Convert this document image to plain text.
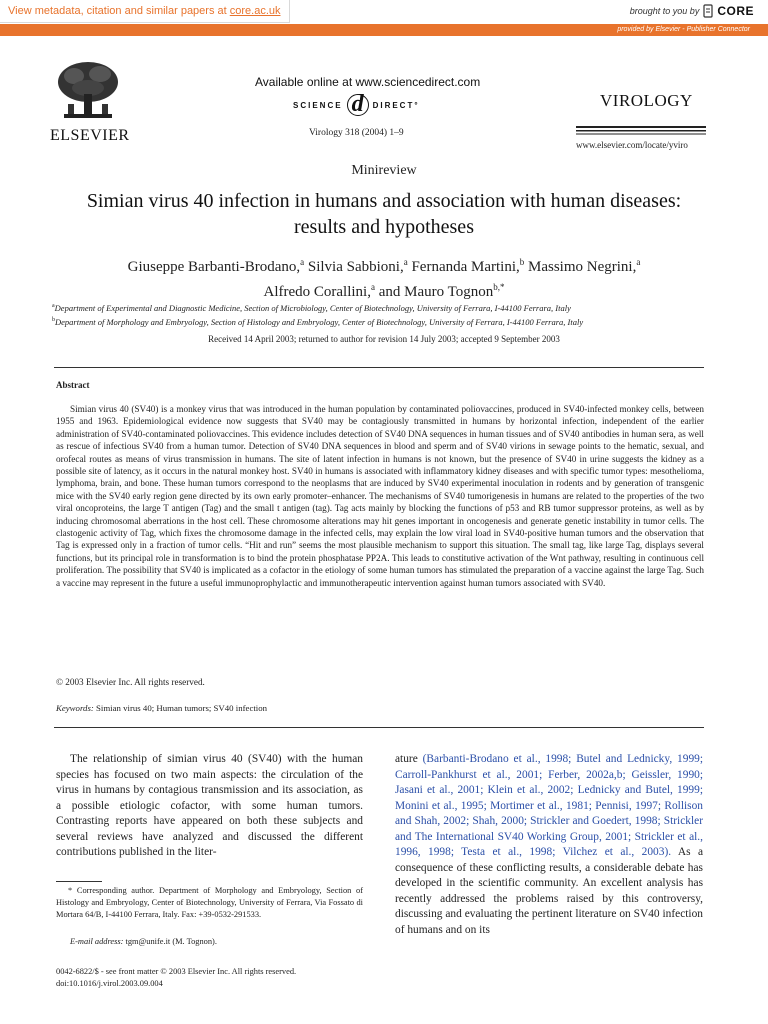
View metadata, citation and similar papers at core.ac.uk	brought to you by CORE
provided by Elsevier - Publisher Connector
ELSEVIER
Available online at www.sciencedirect.com
SCIENCE d	DIRECT°
Virology 318 (2004) 1–9
VIROLOGY
www.elsevier.com/locate/yviro
Minireview
Simian virus 40 infection in humans and association with human diseases:
results and hypotheses
Giuseppe Barbanti-Brodano,$^a$ Silvia Sabbioni,$^a$ Fernanda Martini,$^b$ Massimo Negrini,$^a$
Alfredo Corallini,$^a$ and Mauro Tognon$^{b,*}$
$^a$Department of Experimental and Diagnostic Medicine, Section of Microbiology, Center of Biotechnology, University of Ferrara, I-44100 Ferrara, Italy
$^b$Department of Morphology and Embryology, Section of Histology and Embryology, Center of Biotechnology, University of Ferrara, I-44100 Ferrara, Italy
Received 14 April 2003; returned to author for revision 14 July 2003; accepted 9 September 2003
Abstract

Simian virus 40 (SV40) is a monkey virus that was introduced in the human population by contaminated poliovaccines, produced in SV40-infected monkey cells, between 1955 and 1963. Epidemiological evidence now suggests that SV40 may be contagiously transmitted in humans by horizontal infection, independent of the earlier administration of SV40-contaminated poliovaccines. This evidence includes detection of SV40 DNA sequences in human tissues and of SV40 antibodies in human sera, as well as rescue of infectious SV40 from a human tumor. Detection of SV40 DNA sequences in blood and sperm and of SV40 virions in sewage points to the hematic, sexual, and orofecal routes as means of virus transmission in humans. The site of latent infection in humans is not known, but the presence of SV40 in urine suggests the kidney as a possible site of latency, as it occurs in the natural monkey host. SV40 in humans is associated with inflammatory kidney diseases and with specific tumor types: mesothelioma, lymphoma, brain, and bone. These human tumors correspond to the neoplasms that are induced by SV40 experimental inoculation in rodents and by generation of transgenic mice with the SV40 early region gene directed by its own early promoter–enhancer. The mechanisms of SV40 tumorigenesis in humans are related to the properties of the two viral oncoproteins, the large T antigen (Tag) and the small t antigen (tag). Tag acts mainly by blocking the functions of p53 and RB tumor suppressor proteins, as well as by inducing chromosomal aberrations in the host cell. These chromosome alterations may hit genes important in oncogenesis and generate genetic instability in tumor cells. The clastogenic activity of Tag, which fixes the chromosome damage in the infected cells, may explain the low viral load in SV40-positive human tumors and the observation that Tag is expressed only in a fraction of tumor cells. “Hit and run” seems the most plausible mechanism to support this situation. The small tag, like large Tag, displays several functions, but its principal role in transformation is to bind the protein phosphatase PP2A. This leads to constitutive activation of the Wnt pathway, resulting in continuous cell proliferation. The possibility that SV40 is implicated as a cofactor in the etiology of some human tumors has stimulated the preparation of a vaccine against the large Tag. Such a vaccine may represent in the future a useful immunoprophylactic and immunotherapeutic intervention against human tumors associated with SV40.

© 2003 Elsevier Inc. All rights reserved.
Keywords: Simian virus 40; Human tumors; SV40 infection

The relationship of simian virus 40 (SV40) with the human species has focused on two main aspects: the circulation of the virus in humans by contagious transmission and its association, as a possible etiologic cofactor, with some human tumors. Contrasting reports have appeared on both these subjects and several reviews have analyzed and discussed the different contributions published in the liter-

ature (Barbanti-Brodano et al., 1998; Butel and Lednicky, 1999; Carroll-Pankhurst et al., 2001; Ferber, 2002a,b; Geissler, 1990; Jasani et al., 2001; Klein et al., 2002; Lednicky and Butel, 1999; Monini et al., 1995; Mortimer et al., 1981; Pennisi, 1997; Rollison and Shah, 2002; Shah, 2000; Strickler and Goedert, 1998; Strickler and The International SV40 Working Group, 2001; Strickler et al., 1996, 1998; Testa et al., 1998; Vilchez et al., 2003). As a consequence of these conflicting results, a considerable debate has developed in the scientific community. An excellent analysis has recently addressed the problems raised by this controversy, discussing and evaluating the pertinent literature on SV40 infection of humans and on its

* Corresponding author. Department of Morphology and Embryology, Section of Histology and Embryology, Center of Biotechnology, University of Ferrara, Via Fossato di Mortara 64/B, I-44100 Ferrara, Italy. Fax: +39-0532-291533.

E-mail address: tgm@unife.it (M. Tognon).
0042-6822/$ - see front matter © 2003 Elsevier Inc. All rights reserved.
doi:10.1016/j.virol.2003.09.004
